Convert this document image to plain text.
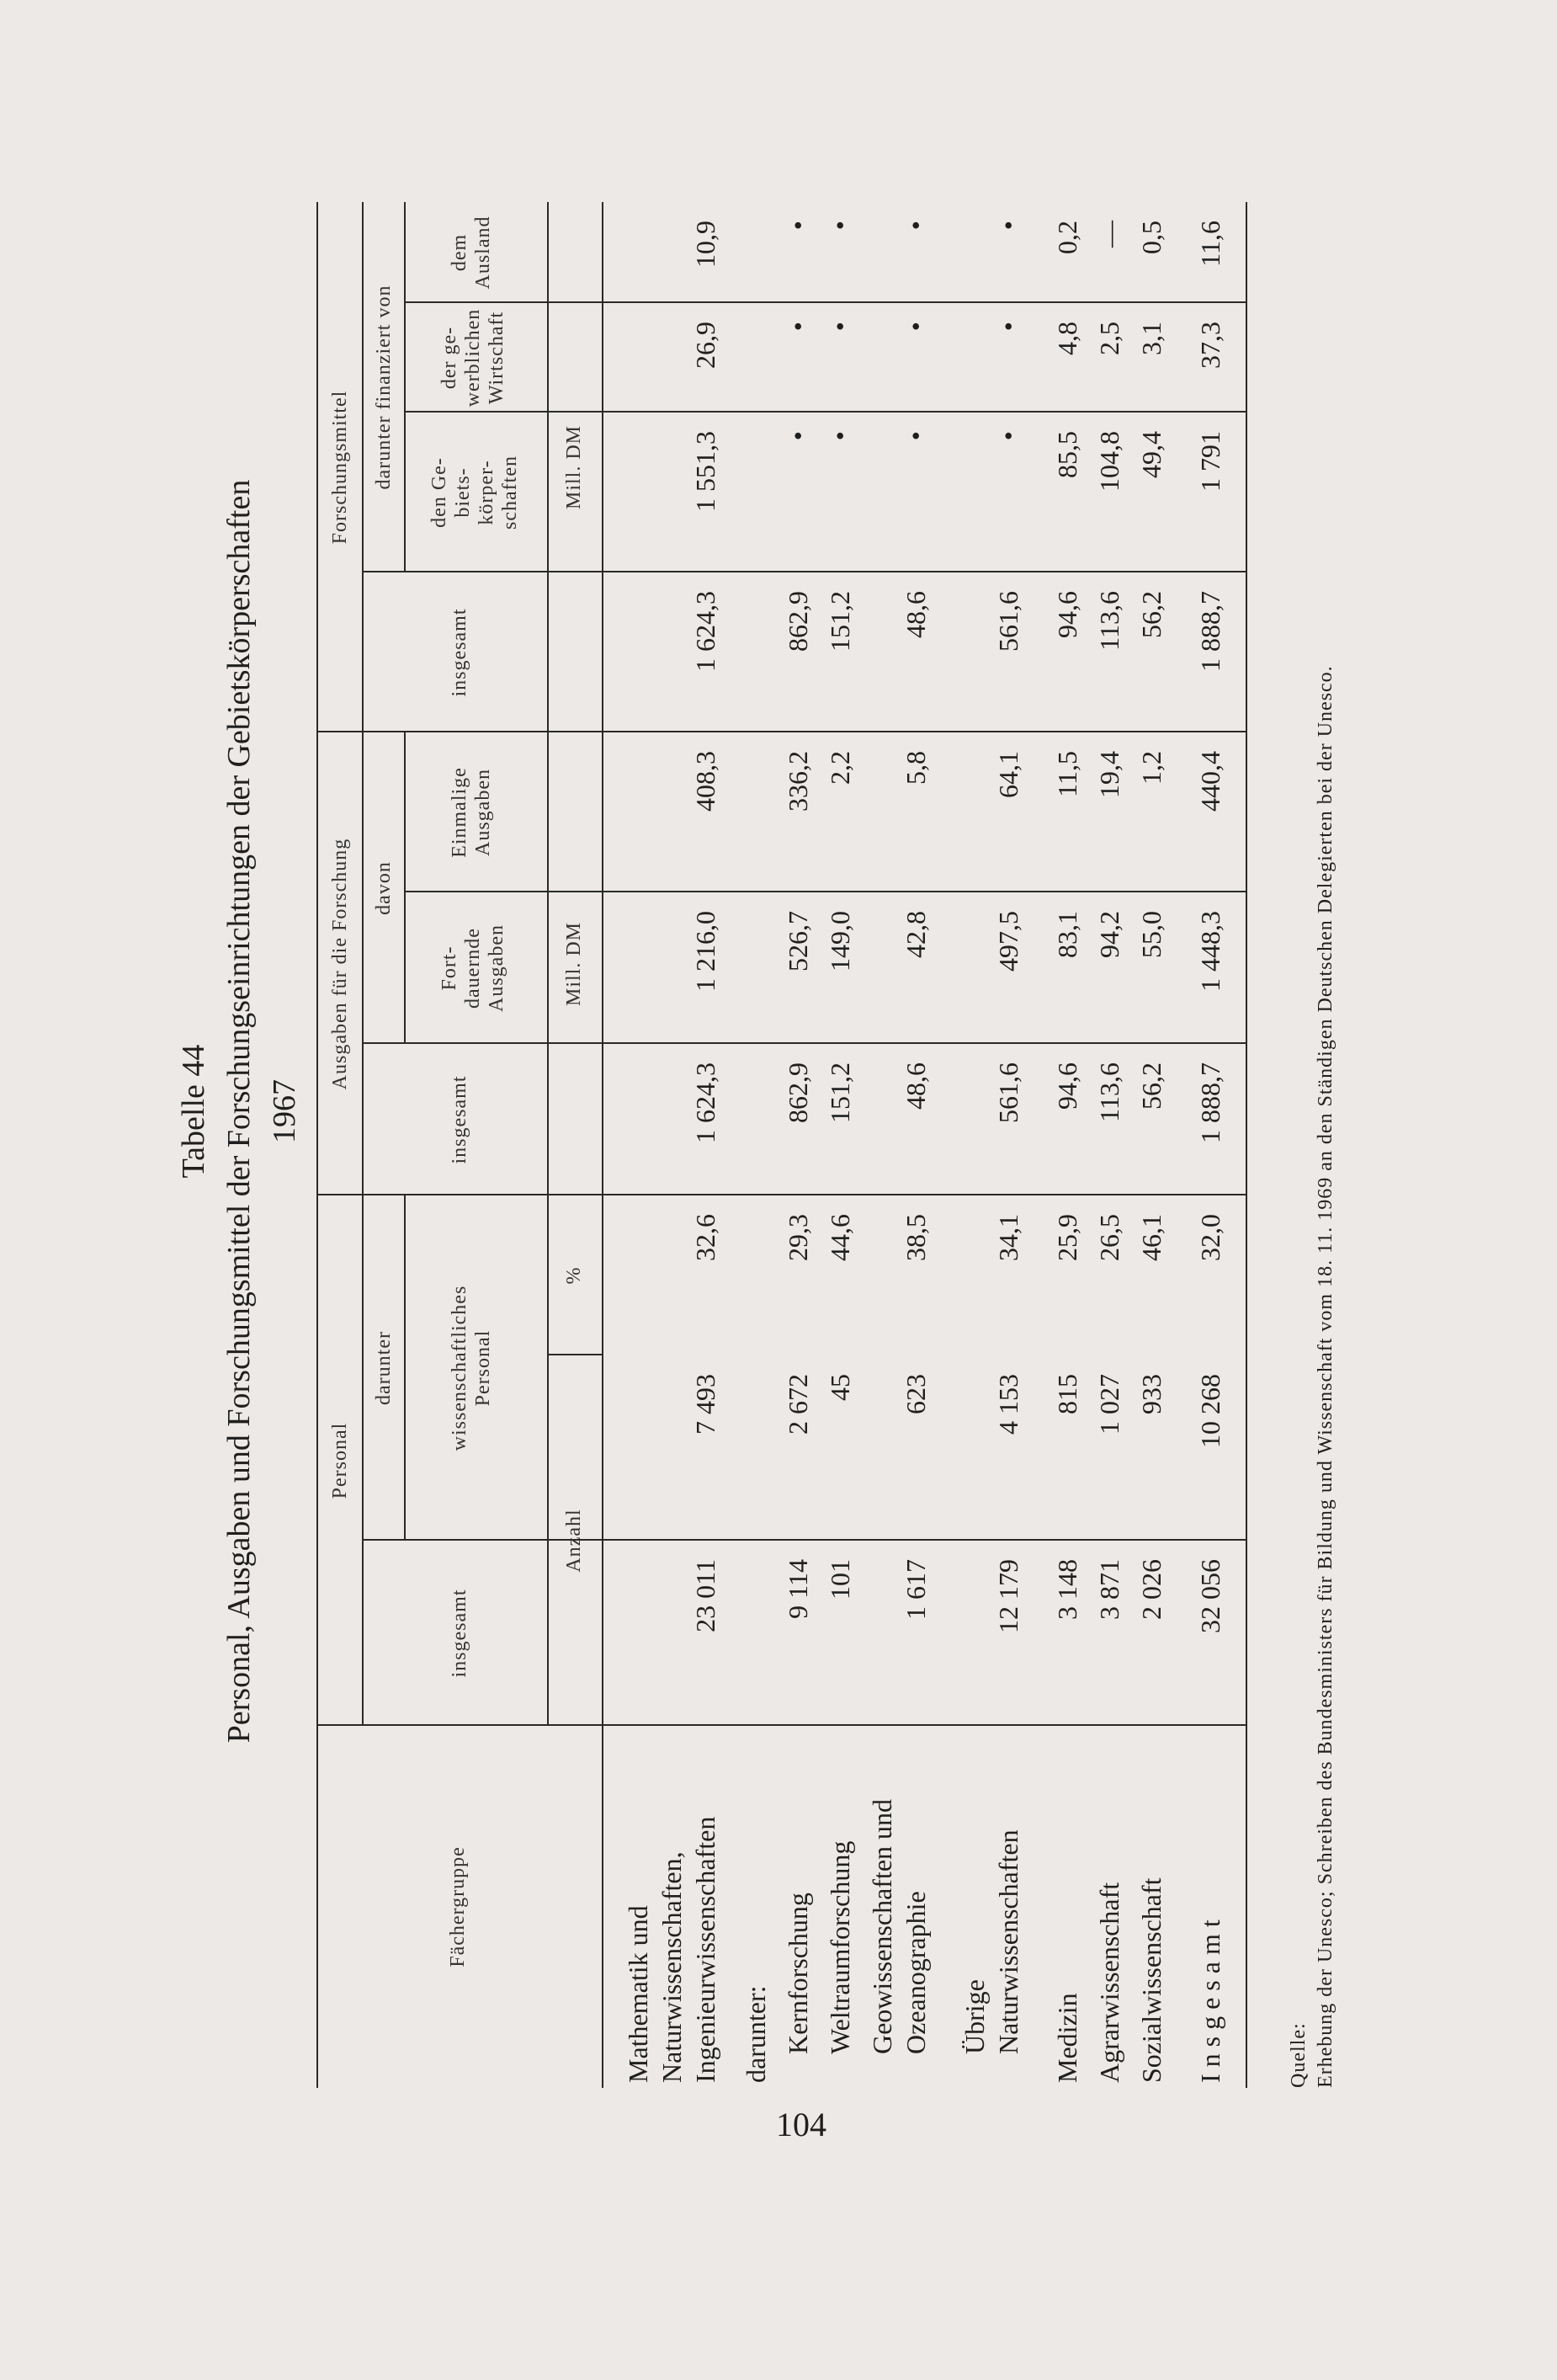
104
Tabelle 44 Personal, Ausgaben und Forschungsmittel der Forschungseinrichtungen der Gebietskörperschaften 1967
Fächergruppe
Personal
insgesamt
darunter	wissenschaftliches Personal
Ausgaben für die Forschung
insgesamt
davon
Fort- dauernde Ausgaben
Einmalige Ausgaben
Forschungsmittel
insgesamt
darunter finanziert von
den Ge- biets- körper- schaften
der ge- werblichen Wirtschaft
dem Ausland
Anzahl
%
Mill. DM
Mill. DM
Mathematik und Naturwissenschaften, Ingenieurwissenschaften
23 011
7 493
32,6
1 624,3
1 216,0
408,3
1 624,3
1 551,3
26,9
10,9
darunter: Kernforschung
9 114
2 672
29,3
862,9
526,7
336,2
862,9
•
•
•
Weltraumforschung
101
45
44,6
151,2
149,0
2,2
151,2
•
•
•
Geowissenschaften und Ozeanographie
1 617
623
38,5
48,6
42,8
5,8
48,6
•
•
•
Übrige Naturwissenschaften
12 179
4 153
34,1
561,6
497,5
64,1
561,6
•
•
•
Medizin
3 148
815
25,9
94,6
83,1
11,5
94,6
85,5
4,8
0,2
Agrarwissenschaft
3 871
1 027
26,5
113,6
94,2
19,4
113,6
104,8
2,5
—
Sozialwissenschaft
2 026
933
46,1
56,2
55,0
1,2
56,2
49,4
3,1
0,5
I n s g e s a m t
32 056
10 268
32,0
1 888,7
1 448,3
440,4
1 888,7
1 791
37,3
11,6
Quelle: Erhebung der Unesco; Schreiben des Bundesministers für Bildung und Wissenschaft vom 18. 11. 1969 an den Ständigen Deutschen Delegierten bei der Unesco.
